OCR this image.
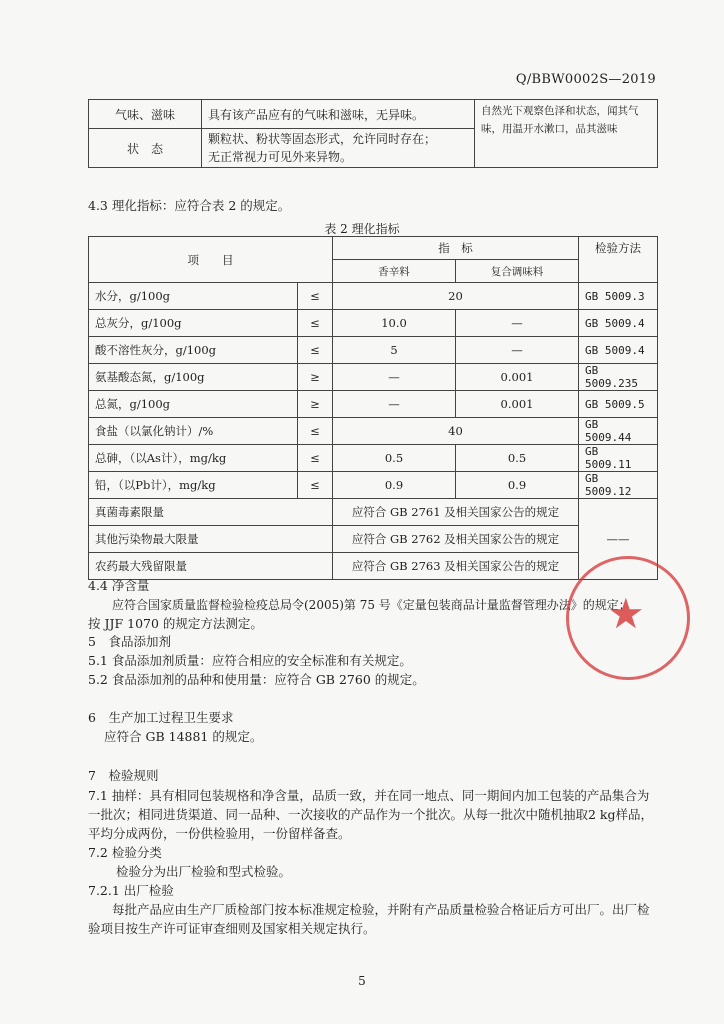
Q/BBW0002S—2019
气味、滋味	具有该产品应有的气味和滋味，无异味。	自然光下观察色泽和状态，闻其气味，用温开水漱口，品其滋味
状　态	颗粒状、粉状等固态形式，允许同时存在；
无正常视力可见外来异物。	
4.3 理化指标：应符合表 2 的规定。
表 2 理化指标
项　　目		指　标		检验方法
		香辛料	复合调味料	
水分，g/100g	≤	20		GB 5009.3
总灰分，g/100g	≤	10.0	—	GB 5009.4
酸不溶性灰分，g/100g	≤	5	—	GB 5009.4
氨基酸态氮，g/100g	≥	—	0.001	GB 5009.235
总氮，g/100g	≥	—	0.001	GB 5009.5
食盐（以氯化钠计）/%	≤	40		GB 5009.44
总砷，（以As计），mg/kg	≤	0.5	0.5	GB 5009.11
铅，（以Pb计），mg/kg	≤	0.9	0.9	GB 5009.12
真菌毒素限量		应符合 GB 2761 及相关国家公告的规定		——
其他污染物最大限量		应符合 GB 2762 及相关国家公告的规定		
农药最大残留限量		应符合 GB 2763 及相关国家公告的规定		
4.4 净含量
应符合国家质量监督检验检疫总局令(2005)第 75 号《定量包装商品计量监督管理办法》的规定；
按 JJF 1070 的规定方法测定。
5　食品添加剂
5.1 食品添加剂质量：应符合相应的安全标准和有关规定。
5.2 食品添加剂的品种和使用量：应符合 GB 2760 的规定。
6　生产加工过程卫生要求
应符合 GB 14881 的规定。
7　检验规则
7.1 抽样：具有相同包装规格和净含量，品质一致，并在同一地点、同一期间内加工包装的产品集合为
一批次；相同进货渠道、同一品种、一次接收的产品作为一个批次。从每一批次中随机抽取2 kg样品，
平均分成两份，一份供检验用，一份留样备查。
7.2 检验分类
检验分为出厂检验和型式检验。
7.2.1 出厂检验
每批产品应由生产厂质检部门按本标准规定检验，并附有产品质量检验合格证后方可出厂。出厂检
验项目按生产许可证审查细则及国家相关规定执行。
★
5
